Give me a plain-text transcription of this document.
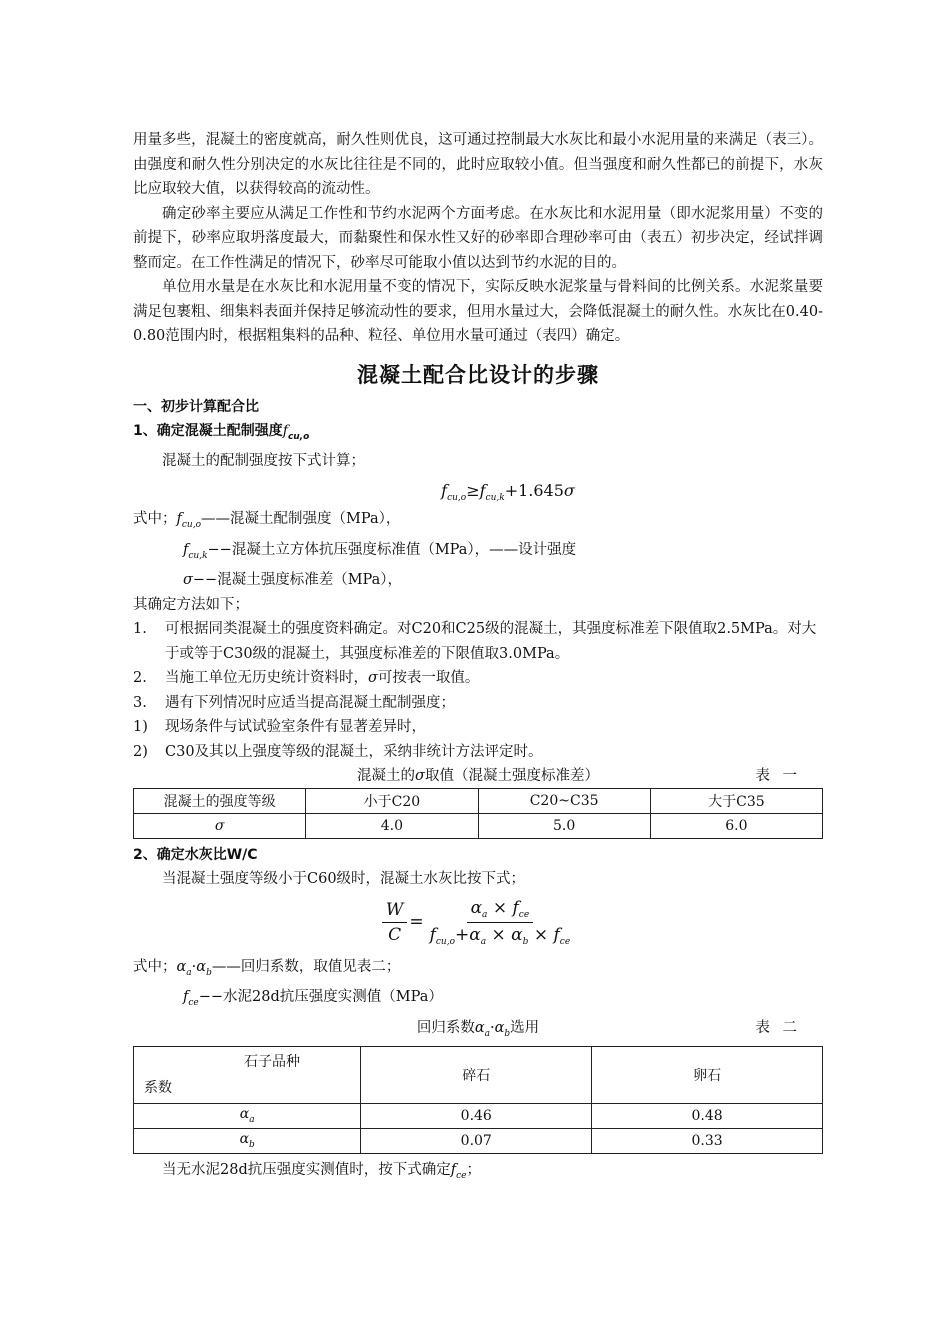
用量多些，混凝土的密度就高，耐久性则优良，这可通过控制最大水灰比和最小水泥用量的来满足（表三）。由强度和耐久性分别决定的水灰比往往是不同的，此时应取较小值。但当强度和耐久性都已的前提下，水灰比应取较大值，以获得较高的流动性。

确定砂率主要应从满足工作性和节约水泥两个方面考虑。在水灰比和水泥用量（即水泥浆用量）不变的前提下，砂率应取坍落度最大，而黏聚性和保水性又好的砂率即合理砂率可由（表五）初步决定，经试拌调整而定。在工作性满足的情况下，砂率尽可能取小值以达到节约水泥的目的。

单位用水量是在水灰比和水泥用量不变的情况下，实际反映水泥浆量与骨料间的比例关系。水泥浆量要满足包裹粗、细集料表面并保持足够流动性的要求，但用水量过大，会降低混凝土的耐久性。水灰比在0.40-0.80范围内时，根据粗集料的品种、粒径、单位用水量可通过（表四）确定。

混凝土配合比设计的步骤
一、初步计算配合比
1、确定混凝土配制强度$f_{cu,o}$

混凝土的配制强度按下式计算；

$f_{cu,o}\ge f_{cu,k}+1.645\sigma$

式中；$f_{cu,o}——$混凝土配制强度（MPa），

$f_{cu,k}--$混凝土立方体抗压强度标准值（MPa），——设计强度

σ−−混凝土强度标准差（MPa），

其确定方法如下；

1.	可根据同类混凝土的强度资料确定。对C20和C25级的混凝土，其强度标准差下限值取2.5MPa。对大于或等于C30级的混凝土，其强度标准差的下限值取3.0MPa。
2.	当施工单位无历史统计资料时，σ可按表一取值。
3.	遇有下列情况时应适当提高混凝土配制强度；
1)	现场条件与试试验室条件有显著差异时，
2)	C30及其以上强度等级的混凝土，采纳非统计方法评定时。
混凝土的σ取值（混凝土强度标准差）	表 一
混凝土的强度等级	小于C20	C20~C35	大于C35
σ	4.0	5.0	6.0
2、确定水灰比W/C

当混凝土强度等级小于C60级时，混凝土水灰比按下式；

$\frac{W}{C} = \frac{\alpha_a \times f_{ce}}{f_{cu,o}+\alpha_a \times \alpha_b \times f_{ce}}$

式中；$\alpha_a\cdot\alpha_b——$回归系数，取值见表二；

$f_{ce}--$水泥28d抗压强度实测值（MPa）

回归系数$\alpha_a\cdot\alpha_b$选用	表 二
石子品种
系数	碎石	卵石
$\alpha_a$	0.46	0.48
$\alpha_b$	0.07	0.33

当无水泥28d抗压强度实测值时，按下式确定$f_{ce}$；
